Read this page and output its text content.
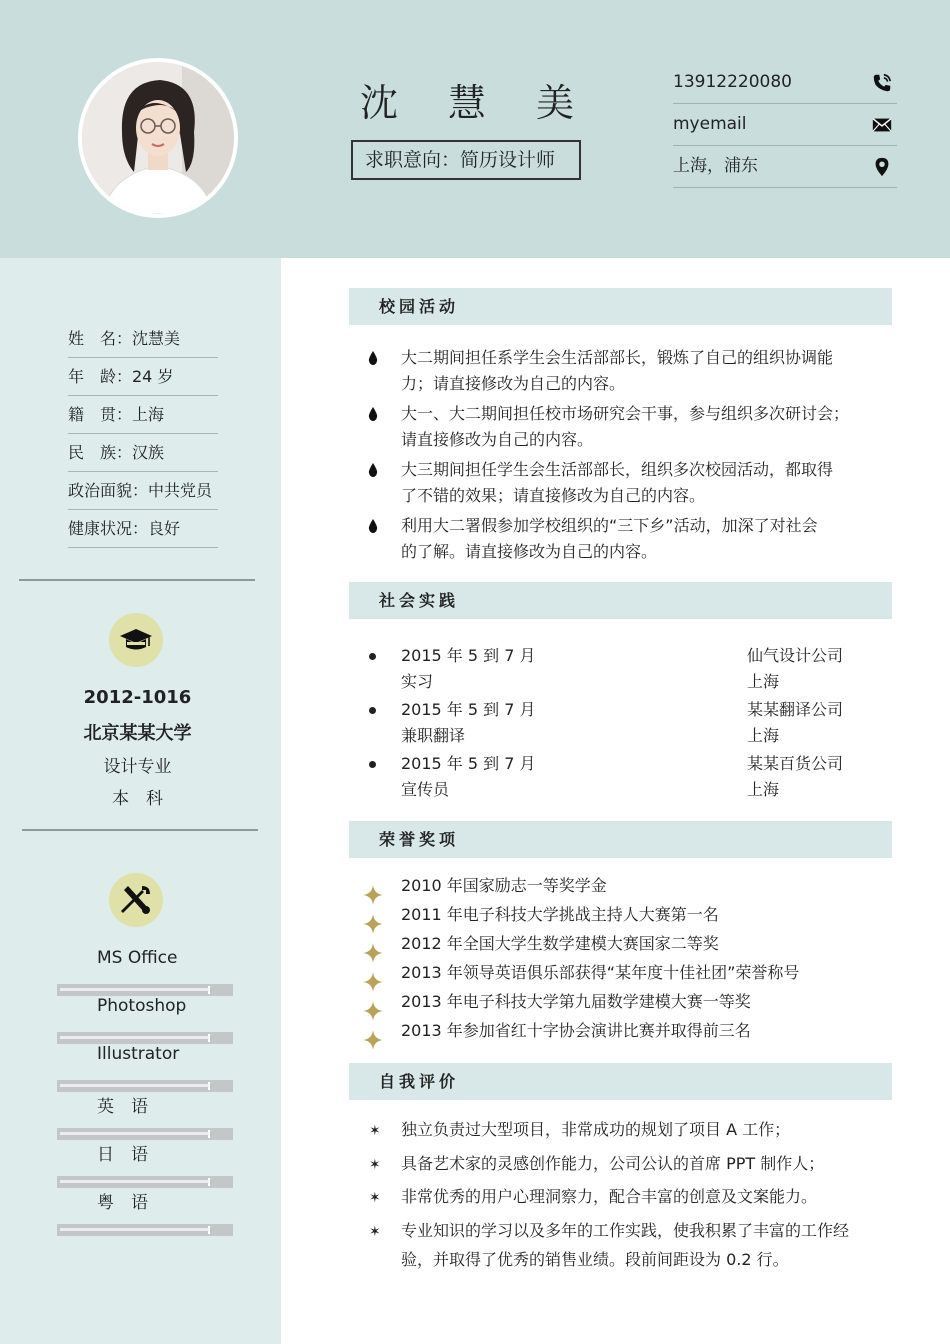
沈 慧 美
求职意向：简历设计师
13912220080
myemail
上海，浦东
姓　名：沈慧美
年　龄：24 岁
籍　贯：上海
民　族：汉族
政治面貌：中共党员
健康状况：良好
2012-1016
北京某某大学
设计专业
本　科
MS Office
Photoshop
Illustrator
英　语
日　语
粤　语
校园活动
大二期间担任系学生会生活部部长，锻炼了自己的组织协调能
力；请直接修改为自己的内容。
大一、大二期间担任校市场研究会干事，参与组织多次研讨会；
请直接修改为自己的内容。
大三期间担任学生会生活部部长，组织多次校园活动，都取得
了不错的效果；请直接修改为自己的内容。
利用大二署假参加学校组织的“三下乡”活动，加深了对社会
的了解。请直接修改为自己的内容。
社会实践
2015 年 5 到 7 月
实习
仙气设计公司
上海
2015 年 5 到 7 月
兼职翻译
某某翻译公司
上海
2015 年 5 到 7 月
宣传员
某某百货公司
上海
荣誉奖项
2010 年国家励志一等奖学金
2011 年电子科技大学挑战主持人大赛第一名
2012 年全国大学生数学建模大赛国家二等奖
2013 年领导英语俱乐部获得“某年度十佳社团”荣誉称号
2013 年电子科技大学第九届数学建模大赛一等奖
2013 年参加省红十字协会演讲比赛并取得前三名
自我评价
✶ 独立负责过大型项目，非常成功的规划了项目 A 工作；
✶ 具备艺术家的灵感创作能力，公司公认的首席 PPT 制作人；
✶ 非常优秀的用户心理洞察力，配合丰富的创意及文案能力。
✶ 专业知识的学习以及多年的工作实践，使我积累了丰富的工作经
验，并取得了优秀的销售业绩。段前间距设为 0.2 行。
